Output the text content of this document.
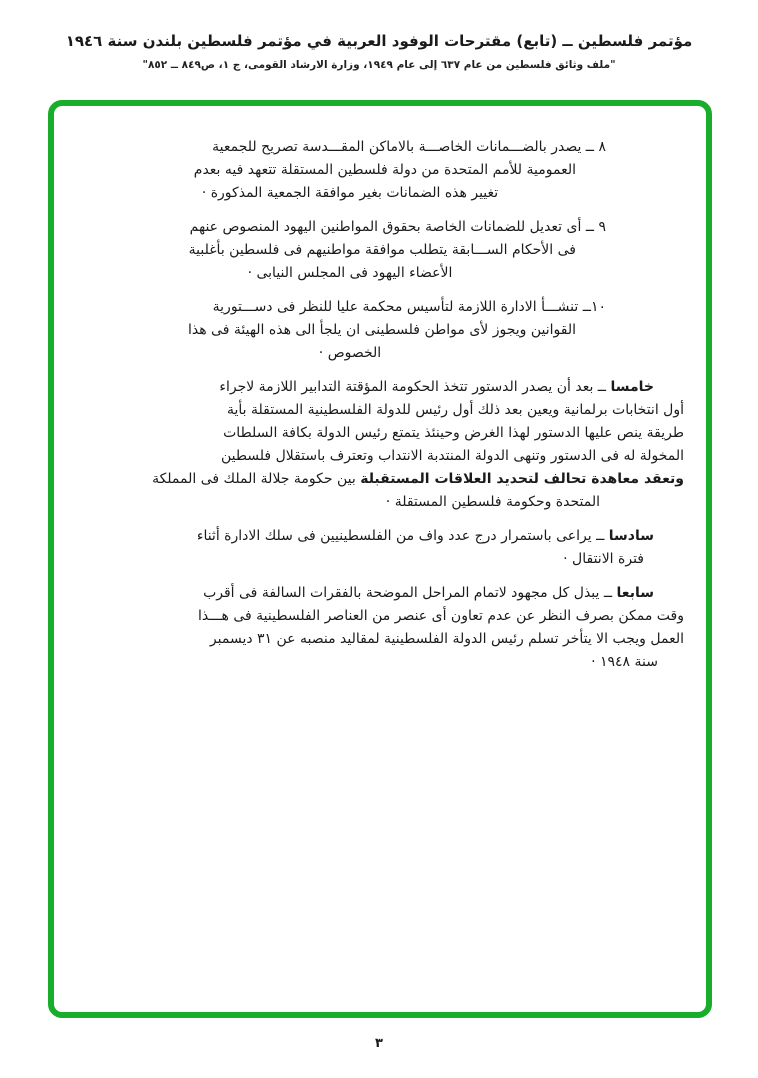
مؤتمر فلسطين ــ (تابع) مقترحات الوفود العربية في مؤتمر فلسطين بلندن سنة ١٩٤٦
"ملف وثائق فلسطين من عام ٦٣٧ إلى عام ١٩٤٩، وزارة الارشاد القومى، ج ١، ص٨٤٩ ــ ٨٥٢"
٨ ــ يصدر بالضـــمانات الخاصـــة بالاماكن المقـــدسة تصريح للجمعية
العمومية للأمم المتحدة من دولة فلسطين المستقلة تتعهد فيه بعدم
تغيير هذه الضمانات بغير موافقة الجمعية المذكورة ·
٩ ــ أى تعديل للضمانات الخاصة بحقوق المواطنين اليهود المنصوص عنهم
فى الأحكام الســـابقة يتطلب موافقة مواطنيهم فى فلسطين بأغلبية
الأعضاء اليهود فى المجلس النيابى ·
١٠ــ تنشـــأ الادارة اللازمة لتأسيس محكمة عليا للنظر فى دســـتورية
القوانين ويجوز لأى مواطن فلسطينى ان يلجأ الى هذه الهيئة فى هذا
الخصوص ·
خامسا ــ بعد أن يصدر الدستور تتخذ الحكومة المؤقتة التدابير اللازمة لاجراء
أول انتخابات برلمانية ويعين بعد ذلك أول رئيس للدولة الفلسطينية المستقلة بأية
طريقة ينص عليها الدستور لهذا الغرض وحينئذ يتمتع رئيس الدولة بكافة السلطات
المخولة له فى الدستور وتنهى الدولة المنتدبة الانتداب وتعترف باستقلال فلسطين
وتعقد معاهدة تحالف لتحديد العلاقات المستقبلة بين حكومة جلالة الملك فى المملكة
المتحدة وحكومة فلسطين المستقلة ·
سادسا ــ يراعى باستمرار درج عدد واف من الفلسطينيين فى سلك الادارة أثناء
فترة الانتقال ·
سابعا ــ يبذل كل مجهود لاتمام المراحل الموضحة بالفقرات السالفة فى أقرب
وقت ممكن بصرف النظر عن عدم تعاون أى عنصر من العناصر الفلسطينية فى هـــذا
العمل ويجب الا يتأخر تسلم رئيس الدولة الفلسطينية لمقاليد منصبه عن ٣١ ديسمبر
سنة ١٩٤٨ ·
٣
